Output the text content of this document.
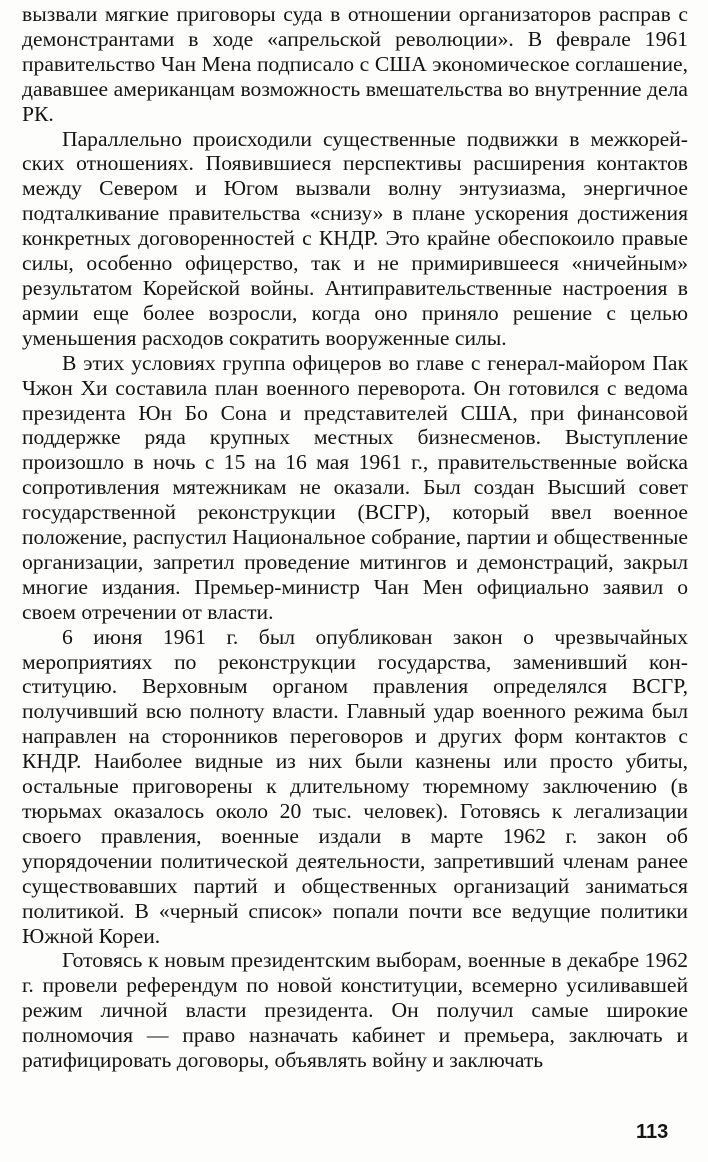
вызвали мягкие приговоры суда в отношении организаторов расправ с демонстрантами в ходе «апрельской революции». В феврале 1961 правительство Чан Мена подписало с США экономическое соглашение, дававшее американцам возможность вмешательства во внутренние дела РК.

Параллельно происходили существенные подвижки в межкорейских отношениях. Появившиеся перспективы расширения контактов между Севером и Югом вызвали волну энтузиазма, энергичное подталкивание правительства «снизу» в плане ускорения достижения конкретных договоренностей с КНДР. Это крайне обеспокоило правые силы, особенно офицерство, так и не примирившееся «ничейным» результатом Корейской войны. Антиправительственные настроения в армии еще более возросли, когда оно приняло решение с целью уменьшения расходов сократить вооруженные силы.

В этих условиях группа офицеров во главе с генерал-майором Пак Чжон Хи составила план военного переворота. Он готовился с ведома президента Юн Бо Сона и представителей США, при финансовой поддержке ряда крупных местных бизнесменов. Выступление произошло в ночь с 15 на 16 мая 1961 г., правительственные войска сопротивления мятежникам не оказали. Был создан Высший совет государственной реконструкции (ВСГР), который ввел военное положение, распустил Национальное собрание, партии и общественные организации, запретил проведение митингов и демонстраций, закрыл многие издания. Премьер-министр Чан Мен официально заявил о своем отречении от власти.

6 июня 1961 г. был опубликован закон о чрезвычайных мероприятиях по реконструкции государства, заменивший конституцию. Верховным органом правления определялся ВСГР, получивший всю полноту власти. Главный удар военного режима был направлен на сторонников переговоров и других форм контактов с КНДР. Наиболее видные из них были казнены или просто убиты, остальные приговорены к длительному тюремному заключению (в тюрьмах оказалось около 20 тыс. человек). Готовясь к легализации своего правления, военные издали в марте 1962 г. закон об упорядочении политической деятельности, запретивший членам ранее существовавших партий и общественных организаций заниматься политикой. В «черный список» попали почти все ведущие политики Южной Кореи.

Готовясь к новым президентским выборам, военные в декабре 1962 г. провели референдум по новой конституции, всемерно усиливавшей режим личной власти президента. Он получил самые широкие полномочия — право назначать кабинет и премьера, заключать и ратифицировать договоры, объявлять войну и заключать

113
